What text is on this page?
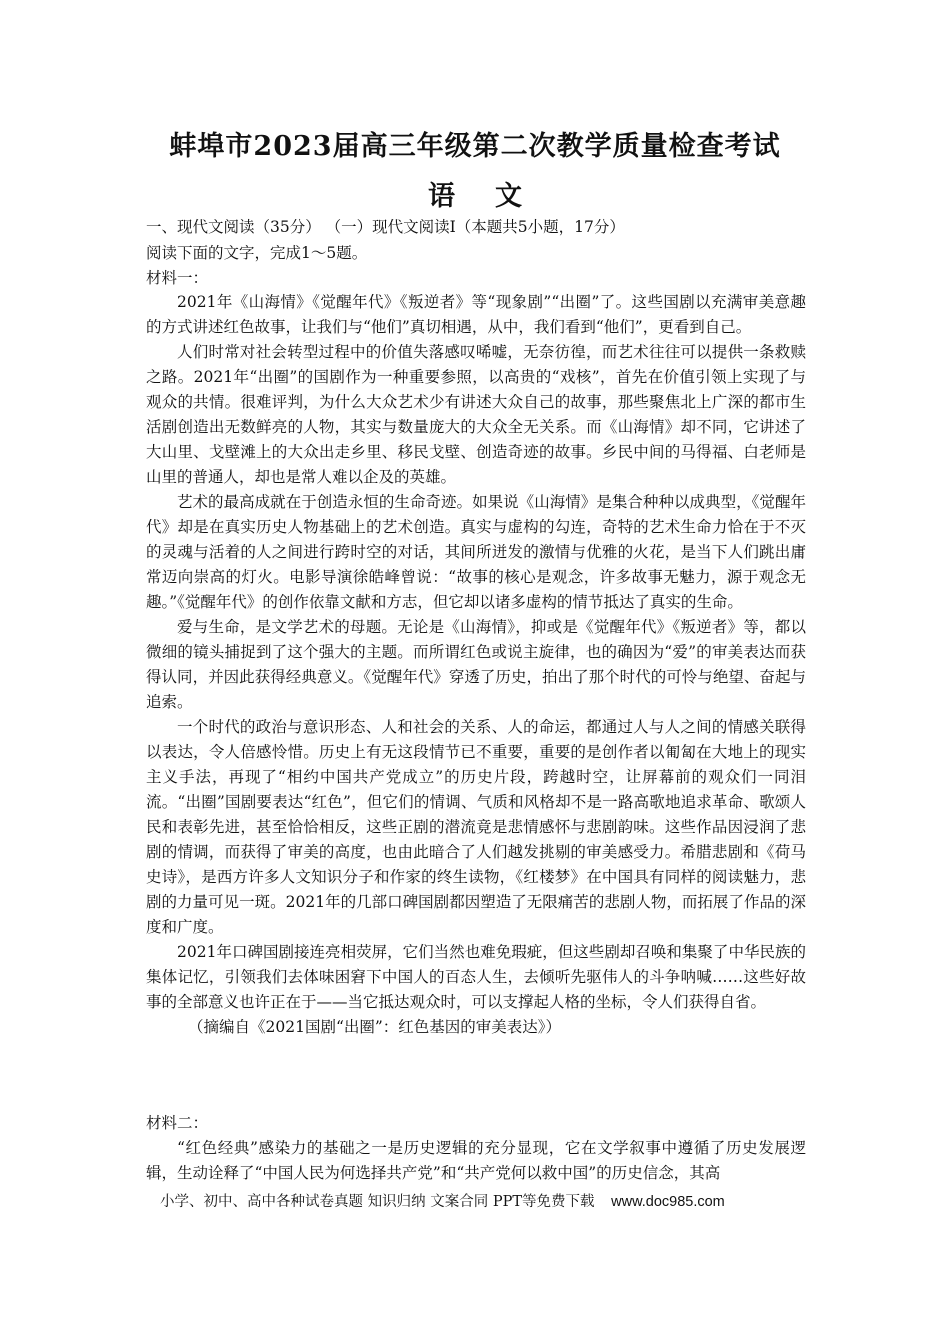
蚌埠市2023届高三年级第二次教学质量检查考试
语文
一、现代文阅读（35分） （一）现代文阅读Ⅰ（本题共5小题，17分）
阅读下面的文字，完成1～5题。
材料一：

2021年《山海情》《觉醒年代》《叛逆者》等“现象剧”“出圈”了。这些国剧以充满审美意趣的方式讲述红色故事，让我们与“他们”真切相遇，从中，我们看到“他们”，更看到自己。

人们时常对社会转型过程中的价值失落感叹唏嘘，无奈彷徨，而艺术往往可以提供一条救赎之路。2021年“出圈”的国剧作为一种重要参照，以高贵的“戏核”，首先在价值引领上实现了与观众的共情。很难评判，为什么大众艺术少有讲述大众自己的故事，那些聚焦北上广深的都市生活剧创造出无数鲜亮的人物，其实与数量庞大的大众全无关系。而《山海情》却不同，它讲述了大山里、戈壁滩上的大众出走乡里、移民戈壁、创造奇迹的故事。乡民中间的马得福、白老师是山里的普通人，却也是常人难以企及的英雄。

艺术的最高成就在于创造永恒的生命奇迹。如果说《山海情》是集合种种以成典型，《觉醒年代》却是在真实历史人物基础上的艺术创造。真实与虚构的勾连，奇特的艺术生命力恰在于不灭的灵魂与活着的人之间进行跨时空的对话，其间所迸发的激情与优雅的火花，是当下人们跳出庸常迈向崇高的灯火。电影导演徐皓峰曾说：“故事的核心是观念，许多故事无魅力，源于观念无趣。”《觉醒年代》的创作依靠文献和方志，但它却以诸多虚构的情节抵达了真实的生命。

爱与生命，是文学艺术的母题。无论是《山海情》，抑或是《觉醒年代》《叛逆者》等，都以微细的镜头捕捉到了这个强大的主题。而所谓红色或说主旋律，也的确因为“爱”的审美表达而获得认同，并因此获得经典意义。《觉醒年代》穿透了历史，拍出了那个时代的可怜与绝望、奋起与追索。

一个时代的政治与意识形态、人和社会的关系、人的命运，都通过人与人之间的情感关联得以表达，令人倍感怜惜。历史上有无这段情节已不重要，重要的是创作者以匍匐在大地上的现实主义手法，再现了“相约中国共产党成立”的历史片段，跨越时空，让屏幕前的观众们一同泪流。“出圈”国剧要表达“红色”，但它们的情调、气质和风格却不是一路高歌地追求革命、歌颂人民和表彰先进，甚至恰恰相反，这些正剧的潜流竟是悲情感怀与悲剧韵味。这些作品因浸润了悲剧的情调，而获得了审美的高度，也由此暗合了人们越发挑剔的审美感受力。希腊悲剧和《荷马史诗》，是西方许多人文知识分子和作家的终生读物，《红楼梦》在中国具有同样的阅读魅力，悲剧的力量可见一斑。2021年的几部口碑国剧都因塑造了无限痛苦的悲剧人物，而拓展了作品的深度和广度。

2021年口碑国剧接连亮相荧屏，它们当然也难免瑕疵，但这些剧却召唤和集聚了中华民族的集体记忆，引领我们去体味困窘下中国人的百态人生，去倾听先驱伟人的斗争呐喊……这些好故事的全部意义也许正在于——当它抵达观众时，可以支撑起人格的坐标，令人们获得自省。

（摘编自《2021国剧“出圈”：红色基因的审美表达》）

材料二：

“红色经典”感染力的基础之一是历史逻辑的充分显现，它在文学叙事中遵循了历史发展逻辑，生动诠释了“中国人民为何选择共产党”和“共产党何以救中国”的历史信念，其高

小学、初中、高中各种试卷真题 知识归纳 文案合同 PPT等免费下载 www.doc985.com
